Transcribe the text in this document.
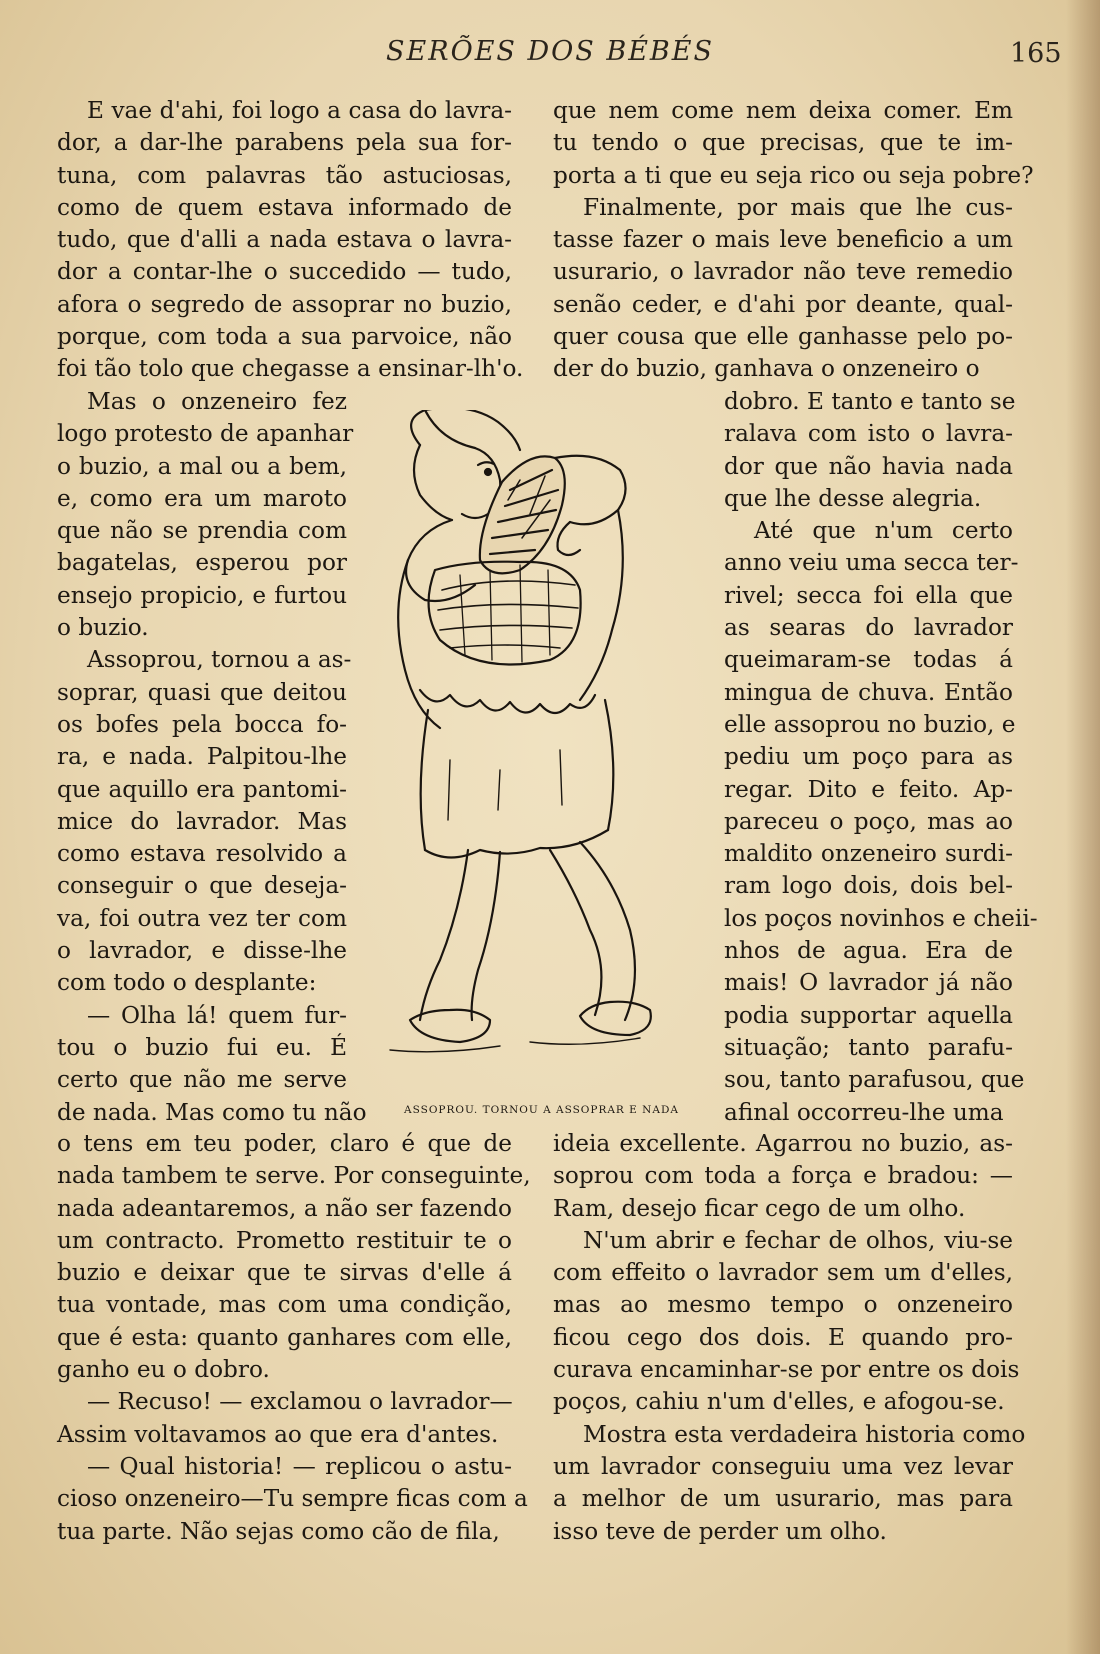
SERÕES DOS BÉBÉS	165
E vae d'ahi, foi logo a casa do lavra-
dor, a dar-lhe parabens pela sua for-
tuna, com palavras tão astuciosas,
como de quem estava informado de
tudo, que d'alli a nada estava o lavra-
dor a contar-lhe o succedido — tudo,
afora o segredo de assoprar no buzio,
porque, com toda a sua parvoice, não
foi tão tolo que chegasse a ensinar-lh'o.
Mas o onzeneiro fez
logo protesto de apanhar
o buzio, a mal ou a bem,
e, como era um maroto
que não se prendia com
bagatelas, esperou por
ensejo propicio, e furtou
o buzio.
Assoprou, tornou a as-
soprar, quasi que deitou
os bofes pela bocca fo-
ra, e nada. Palpitou-lhe
que aquillo era pantomi-
mice do lavrador. Mas
como estava resolvido a
conseguir o que deseja-
va, foi outra vez ter com
o lavrador, e disse-lhe
com todo o desplante:
— Olha lá! quem fur-
tou o buzio fui eu. É
certo que não me serve
de nada. Mas como tu não
o tens em teu poder, claro é que de
nada tambem te serve. Por conseguinte,
nada adeantaremos, a não ser fazendo
um contracto. Prometto restituir te o
buzio e deixar que te sirvas d'elle á
tua vontade, mas com uma condição,
que é esta: quanto ganhares com elle,
ganho eu o dobro.
— Recuso! — exclamou o lavrador—
Assim voltavamos ao que era d'antes.
— Qual historia! — replicou o astu-
cioso onzeneiro—Tu sempre ficas com a
tua parte. Não sejas como cão de fila,
que nem come nem deixa comer. Em
tu tendo o que precisas, que te im-
porta a ti que eu seja rico ou seja pobre?
Finalmente, por mais que lhe cus-
tasse fazer o mais leve beneficio a um
usurario, o lavrador não teve remedio
senão ceder, e d'ahi por deante, qual-
quer cousa que elle ganhasse pelo po-
der do buzio, ganhava o onzeneiro o
dobro. E tanto e tanto se
ralava com isto o lavra-
dor que não havia nada
que lhe desse alegria.
Até que n'um certo
anno veiu uma secca ter-
rivel; secca foi ella que
as searas do lavrador
queimaram-se todas á
mingua de chuva. Então
elle assoprou no buzio, e
pediu um poço para as
regar. Dito e feito. Ap-
pareceu o poço, mas ao
maldito onzeneiro surdi-
ram logo dois, dois bel-
los poços novinhos e cheii-
nhos de agua. Era de
mais! O lavrador já não
podia supportar aquella
situação; tanto parafu-
sou, tanto parafusou, que
afinal occorreu-lhe uma
ideia excellente. Agarrou no buzio, as-
soprou com toda a força e bradou: —
Ram, desejo ficar cego de um olho.
N'um abrir e fechar de olhos, viu-se
com effeito o lavrador sem um d'elles,
mas ao mesmo tempo o onzeneiro
ficou cego dos dois. E quando pro-
curava encaminhar-se por entre os dois
poços, cahiu n'um d'elles, e afogou-se.
Mostra esta verdadeira historia como
um lavrador conseguiu uma vez levar
a melhor de um usurario, mas para
isso teve de perder um olho.
ASSOPROU. TORNOU A ASSOPRAR E NADA
